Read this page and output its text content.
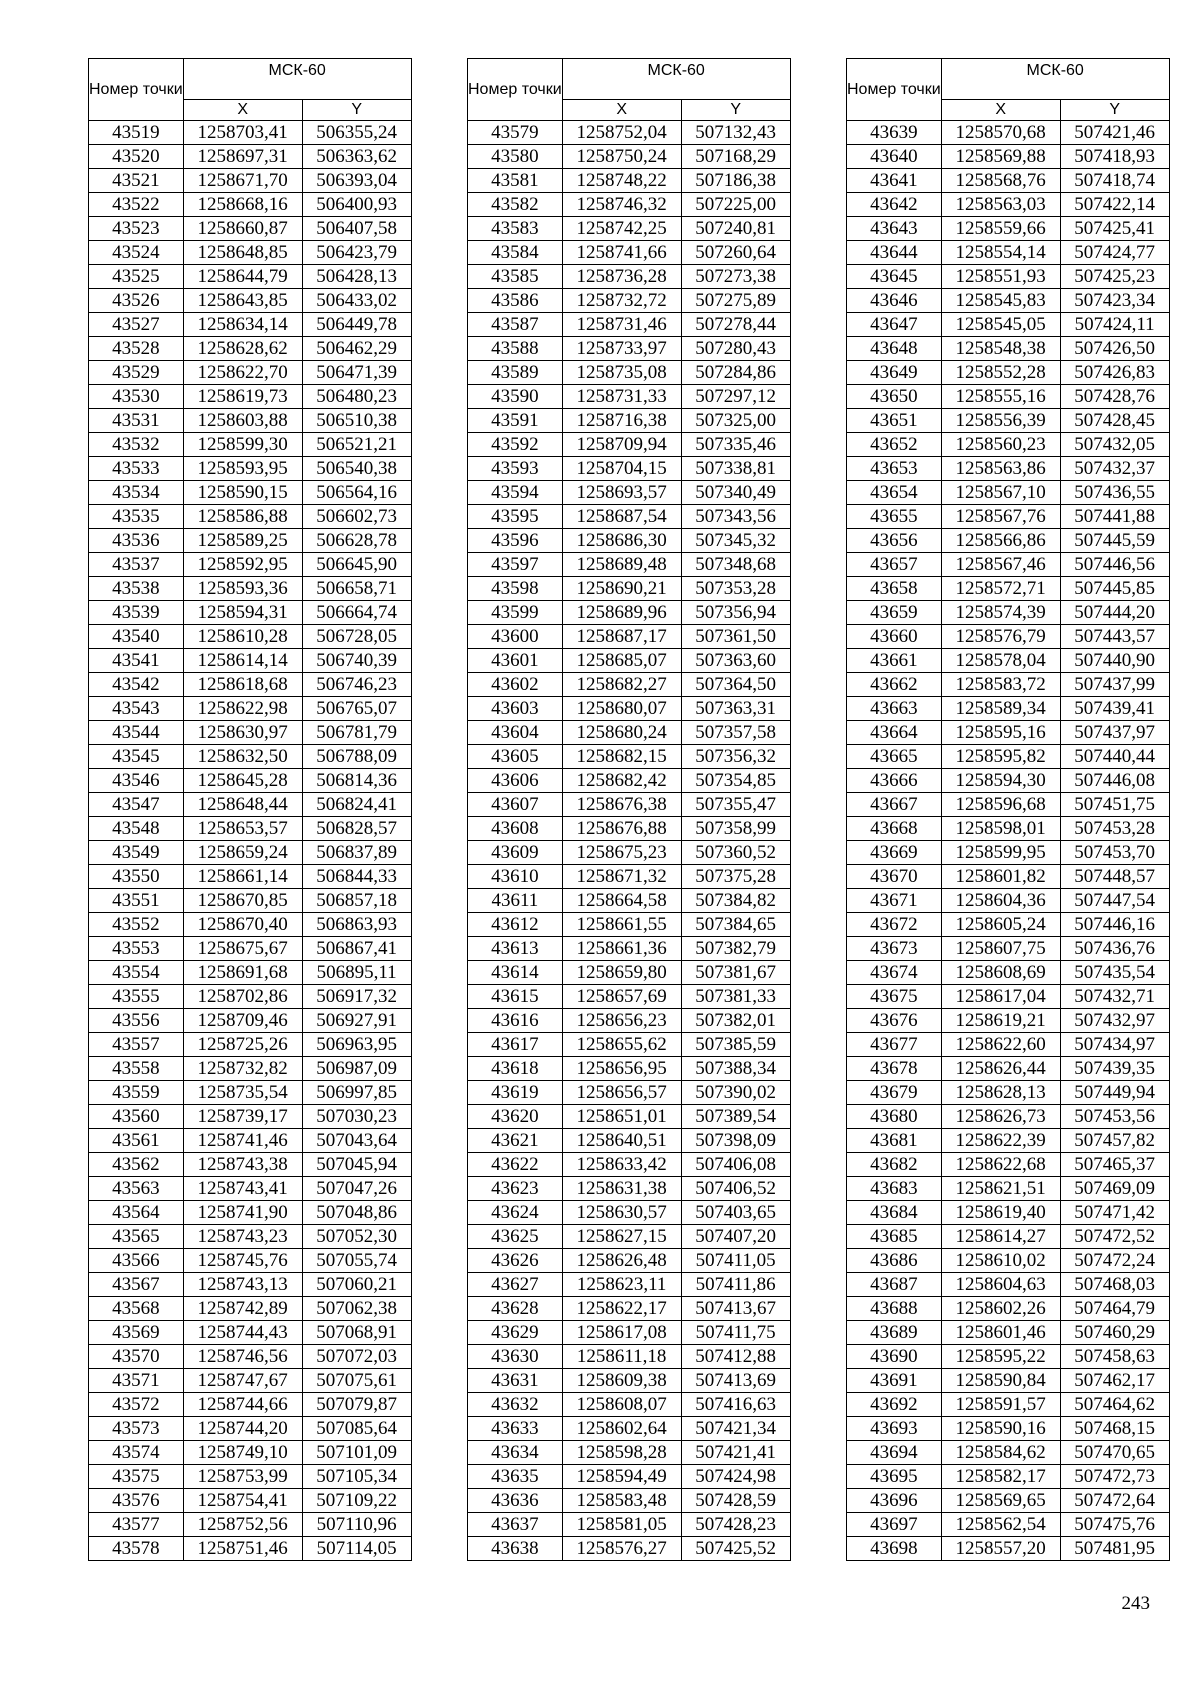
Номер точки	МСК-60	
	X	Y
43519	1258703,41	506355,24
43520	1258697,31	506363,62
43521	1258671,70	506393,04
43522	1258668,16	506400,93
43523	1258660,87	506407,58
43524	1258648,85	506423,79
43525	1258644,79	506428,13
43526	1258643,85	506433,02
43527	1258634,14	506449,78
43528	1258628,62	506462,29
43529	1258622,70	506471,39
43530	1258619,73	506480,23
43531	1258603,88	506510,38
43532	1258599,30	506521,21
43533	1258593,95	506540,38
43534	1258590,15	506564,16
43535	1258586,88	506602,73
43536	1258589,25	506628,78
43537	1258592,95	506645,90
43538	1258593,36	506658,71
43539	1258594,31	506664,74
43540	1258610,28	506728,05
43541	1258614,14	506740,39
43542	1258618,68	506746,23
43543	1258622,98	506765,07
43544	1258630,97	506781,79
43545	1258632,50	506788,09
43546	1258645,28	506814,36
43547	1258648,44	506824,41
43548	1258653,57	506828,57
43549	1258659,24	506837,89
43550	1258661,14	506844,33
43551	1258670,85	506857,18
43552	1258670,40	506863,93
43553	1258675,67	506867,41
43554	1258691,68	506895,11
43555	1258702,86	506917,32
43556	1258709,46	506927,91
43557	1258725,26	506963,95
43558	1258732,82	506987,09
43559	1258735,54	506997,85
43560	1258739,17	507030,23
43561	1258741,46	507043,64
43562	1258743,38	507045,94
43563	1258743,41	507047,26
43564	1258741,90	507048,86
43565	1258743,23	507052,30
43566	1258745,76	507055,74
43567	1258743,13	507060,21
43568	1258742,89	507062,38
43569	1258744,43	507068,91
43570	1258746,56	507072,03
43571	1258747,67	507075,61
43572	1258744,66	507079,87
43573	1258744,20	507085,64
43574	1258749,10	507101,09
43575	1258753,99	507105,34
43576	1258754,41	507109,22
43577	1258752,56	507110,96
43578	1258751,46	507114,05
Номер точки	МСК-60	
	X	Y
43579	1258752,04	507132,43
43580	1258750,24	507168,29
43581	1258748,22	507186,38
43582	1258746,32	507225,00
43583	1258742,25	507240,81
43584	1258741,66	507260,64
43585	1258736,28	507273,38
43586	1258732,72	507275,89
43587	1258731,46	507278,44
43588	1258733,97	507280,43
43589	1258735,08	507284,86
43590	1258731,33	507297,12
43591	1258716,38	507325,00
43592	1258709,94	507335,46
43593	1258704,15	507338,81
43594	1258693,57	507340,49
43595	1258687,54	507343,56
43596	1258686,30	507345,32
43597	1258689,48	507348,68
43598	1258690,21	507353,28
43599	1258689,96	507356,94
43600	1258687,17	507361,50
43601	1258685,07	507363,60
43602	1258682,27	507364,50
43603	1258680,07	507363,31
43604	1258680,24	507357,58
43605	1258682,15	507356,32
43606	1258682,42	507354,85
43607	1258676,38	507355,47
43608	1258676,88	507358,99
43609	1258675,23	507360,52
43610	1258671,32	507375,28
43611	1258664,58	507384,82
43612	1258661,55	507384,65
43613	1258661,36	507382,79
43614	1258659,80	507381,67
43615	1258657,69	507381,33
43616	1258656,23	507382,01
43617	1258655,62	507385,59
43618	1258656,95	507388,34
43619	1258656,57	507390,02
43620	1258651,01	507389,54
43621	1258640,51	507398,09
43622	1258633,42	507406,08
43623	1258631,38	507406,52
43624	1258630,57	507403,65
43625	1258627,15	507407,20
43626	1258626,48	507411,05
43627	1258623,11	507411,86
43628	1258622,17	507413,67
43629	1258617,08	507411,75
43630	1258611,18	507412,88
43631	1258609,38	507413,69
43632	1258608,07	507416,63
43633	1258602,64	507421,34
43634	1258598,28	507421,41
43635	1258594,49	507424,98
43636	1258583,48	507428,59
43637	1258581,05	507428,23
43638	1258576,27	507425,52
Номер точки	МСК-60	
	X	Y
43639	1258570,68	507421,46
43640	1258569,88	507418,93
43641	1258568,76	507418,74
43642	1258563,03	507422,14
43643	1258559,66	507425,41
43644	1258554,14	507424,77
43645	1258551,93	507425,23
43646	1258545,83	507423,34
43647	1258545,05	507424,11
43648	1258548,38	507426,50
43649	1258552,28	507426,83
43650	1258555,16	507428,76
43651	1258556,39	507428,45
43652	1258560,23	507432,05
43653	1258563,86	507432,37
43654	1258567,10	507436,55
43655	1258567,76	507441,88
43656	1258566,86	507445,59
43657	1258567,46	507446,56
43658	1258572,71	507445,85
43659	1258574,39	507444,20
43660	1258576,79	507443,57
43661	1258578,04	507440,90
43662	1258583,72	507437,99
43663	1258589,34	507439,41
43664	1258595,16	507437,97
43665	1258595,82	507440,44
43666	1258594,30	507446,08
43667	1258596,68	507451,75
43668	1258598,01	507453,28
43669	1258599,95	507453,70
43670	1258601,82	507448,57
43671	1258604,36	507447,54
43672	1258605,24	507446,16
43673	1258607,75	507436,76
43674	1258608,69	507435,54
43675	1258617,04	507432,71
43676	1258619,21	507432,97
43677	1258622,60	507434,97
43678	1258626,44	507439,35
43679	1258628,13	507449,94
43680	1258626,73	507453,56
43681	1258622,39	507457,82
43682	1258622,68	507465,37
43683	1258621,51	507469,09
43684	1258619,40	507471,42
43685	1258614,27	507472,52
43686	1258610,02	507472,24
43687	1258604,63	507468,03
43688	1258602,26	507464,79
43689	1258601,46	507460,29
43690	1258595,22	507458,63
43691	1258590,84	507462,17
43692	1258591,57	507464,62
43693	1258590,16	507468,15
43694	1258584,62	507470,65
43695	1258582,17	507472,73
43696	1258569,65	507472,64
43697	1258562,54	507475,76
43698	1258557,20	507481,95
243
